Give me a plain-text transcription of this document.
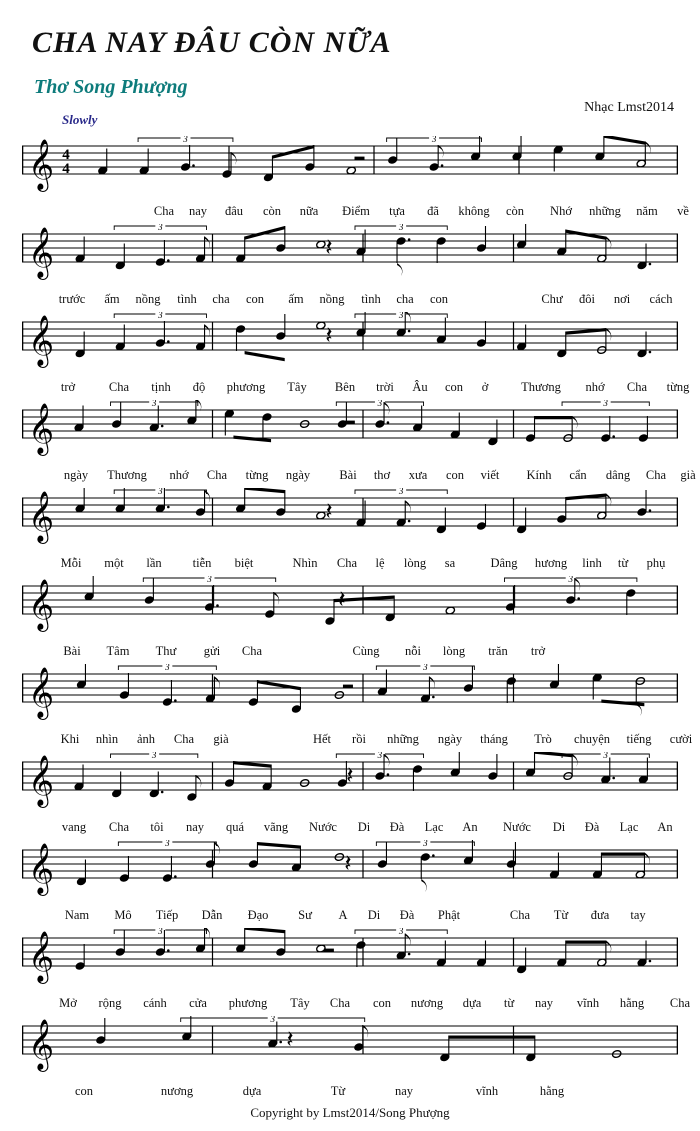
CHA NAY ĐÂU CÒN NỮA
Thơ Song Phượng
Nhạc Lmst2014
Slowly
𝄞 4
4
3	3
Cha nay đâu còn nữa Điểm tựa đã không còn Nhớ những năm về
𝄞	3	3
𝄽
trước ấm nồng tình cha con ấm nồng tình cha con	Chư đôi nơi cách
𝄞	3	3
𝄽
trở	Cha tịnh độ phương Tây Bên trời Âu con ở	Thương nhớ Cha từng
𝄞	3	3	3
ngày Thương nhớ Cha từng ngày Bài thơ xưa con viết Kính cẩn dâng Cha già
𝄞	3	3
𝄽
Mỗi một lần tiễn biệt	Nhìn Cha lệ lòng sa	Dâng hương linh từ phụ
𝄞	3	3
𝄽
Bài Tâm Thư gửi Cha	Cùng nỗi lòng trăn trở
𝄞	3	3
Khi nhìn ảnh Cha già	Hết rồi những ngày tháng Trò chuyện tiếng cười
𝄞	3	3	3
𝄽
vang Cha tôi nay quá vãng Nước Di Đà Lạc An Nước Di Đà Lạc An
𝄞	3	3
𝄽
Nam Mô Tiếp Dẫn Đạo Sư A Di Đà Phật	Cha Từ đưa tay
𝄞	3	3
Mở rộng cánh cửa phương Tây Cha con nương dựa từ nay vĩnh hằng Cha
𝄞	3
𝄽
con	nương	dựa	Từ	nay	vĩnh	hằng
Copyright by Lmst2014/Song Phượng
